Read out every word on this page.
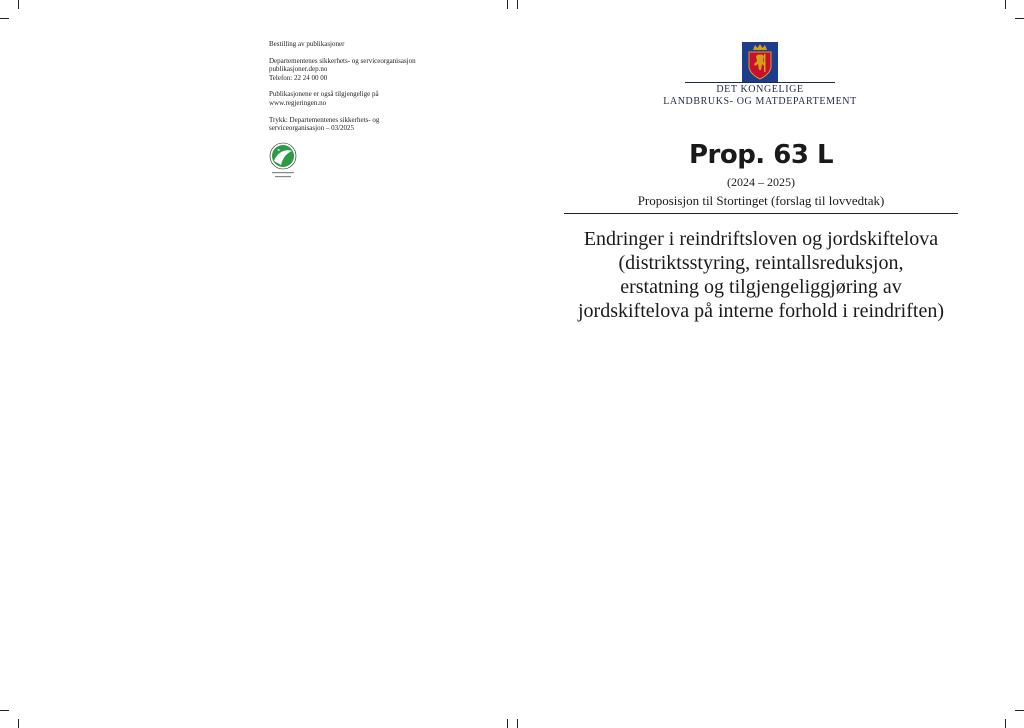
Bestilling av publikasjoner

Departementenes sikkerhets- og serviceorganisasjon
publikasjoner.dep.no
Telefon: 22 24 00 00

Publikasjonene er også tilgjengelige på
www.regjeringen.no

Trykk: Departementenes sikkerhets- og
serviceorganisasjon – 03/2025

DET KONGELIGE
LANDBRUKS- OG MATDEPARTEMENT
Prop. 63 L
(2024 – 2025)
Proposisjon til Stortinget (forslag til lovvedtak)
Endringer i reindriftsloven og jordskiftelova
(distriktsstyring, reintallsreduksjon,
erstatning og tilgjengeliggjøring av
jordskiftelova på interne forhold i reindriften)
